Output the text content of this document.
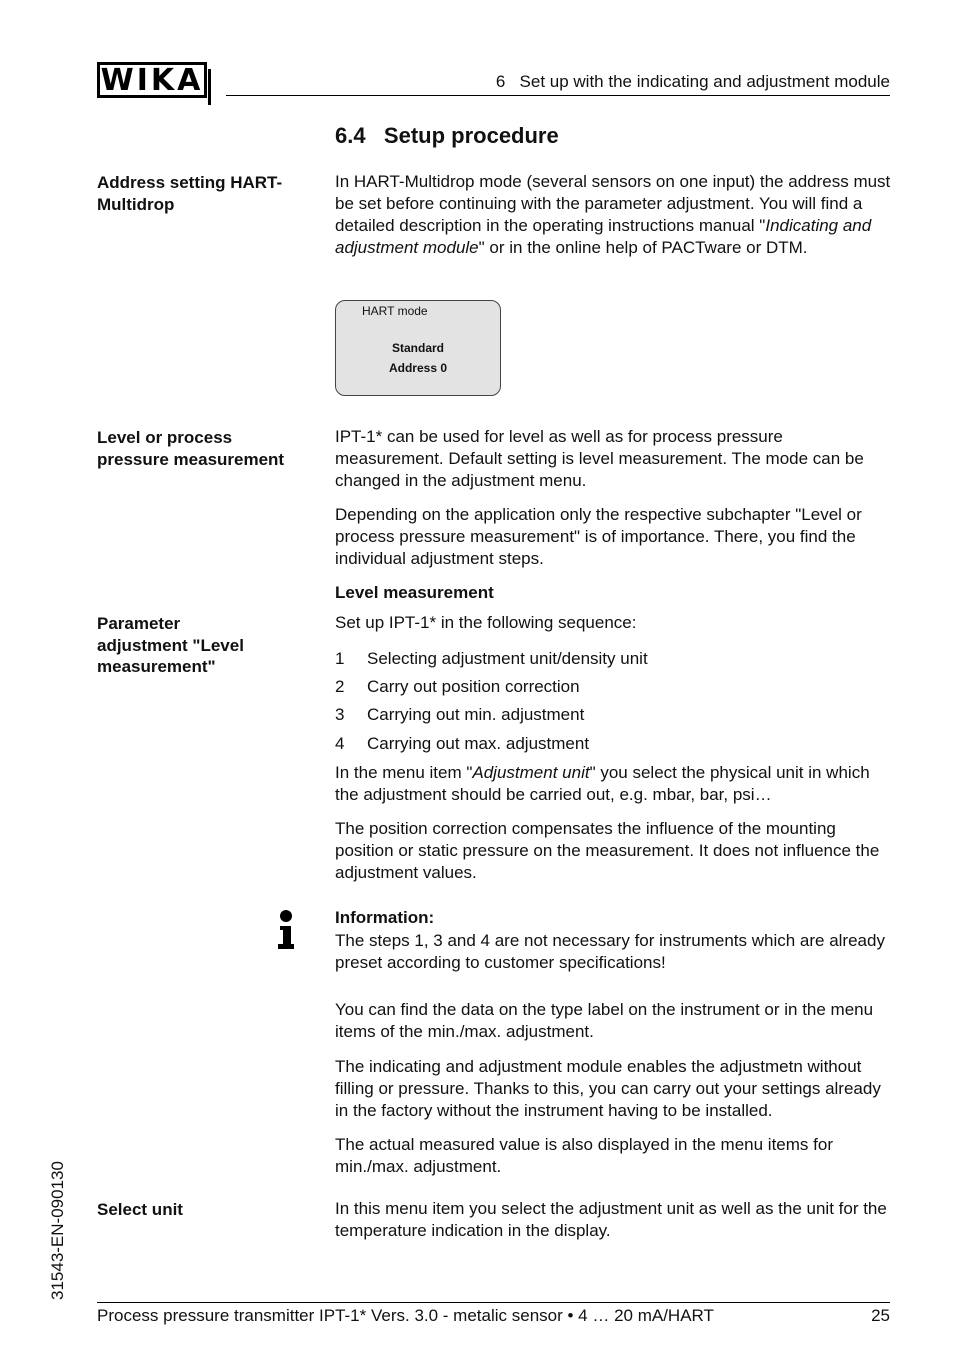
WIKA	6   Set up with the indicating and adjustment module
6.4   Setup procedure
Address setting HART-Multidrop
In HART-Multidrop mode (several sensors on one input) the address must be set before continuing with the parameter adjustment. You will find a detailed description in the operating instructions manual "Indicating and adjustment module" or in the online help of PACTware or DTM.
HART mode
Standard
Address 0
Level or process pressure measurement
IPT-1* can be used for level as well as for process pressure measurement. Default setting is level measurement. The mode can be changed in the adjustment menu.
Depending on the application only the respective subchapter "Level or process pressure measurement" is of importance. There, you find the individual adjustment steps.
Level measurement
Parameter adjustment "Level measurement"
Set up IPT-1* in the following sequence:
1 Selecting adjustment unit/density unit
2 Carry out position correction
3 Carrying out min. adjustment
4 Carrying out max. adjustment
In the menu item "Adjustment unit" you select the physical unit in which the adjustment should be carried out, e.g. mbar, bar, psi…
The position correction compensates the influence of the mounting position or static pressure on the measurement. It does not influence the adjustment values.
Information:
The steps 1, 3 and 4 are not necessary for instruments which are already preset according to customer specifications!
You can find the data on the type label on the instrument or in the menu items of the min./max. adjustment.
The indicating and adjustment module enables the adjustmetn without filling or pressure. Thanks to this, you can carry out your settings already in the factory without the instrument having to be installed.
The actual measured value is also displayed in the menu items for min./max. adjustment.
Select unit	In this menu item you select the adjustment unit as well as the unit for the temperature indication in the display.
31543-EN-090130
Process pressure transmitter IPT-1* Vers. 3.0 - metalic sensor • 4 … 20 mA/HART	25
